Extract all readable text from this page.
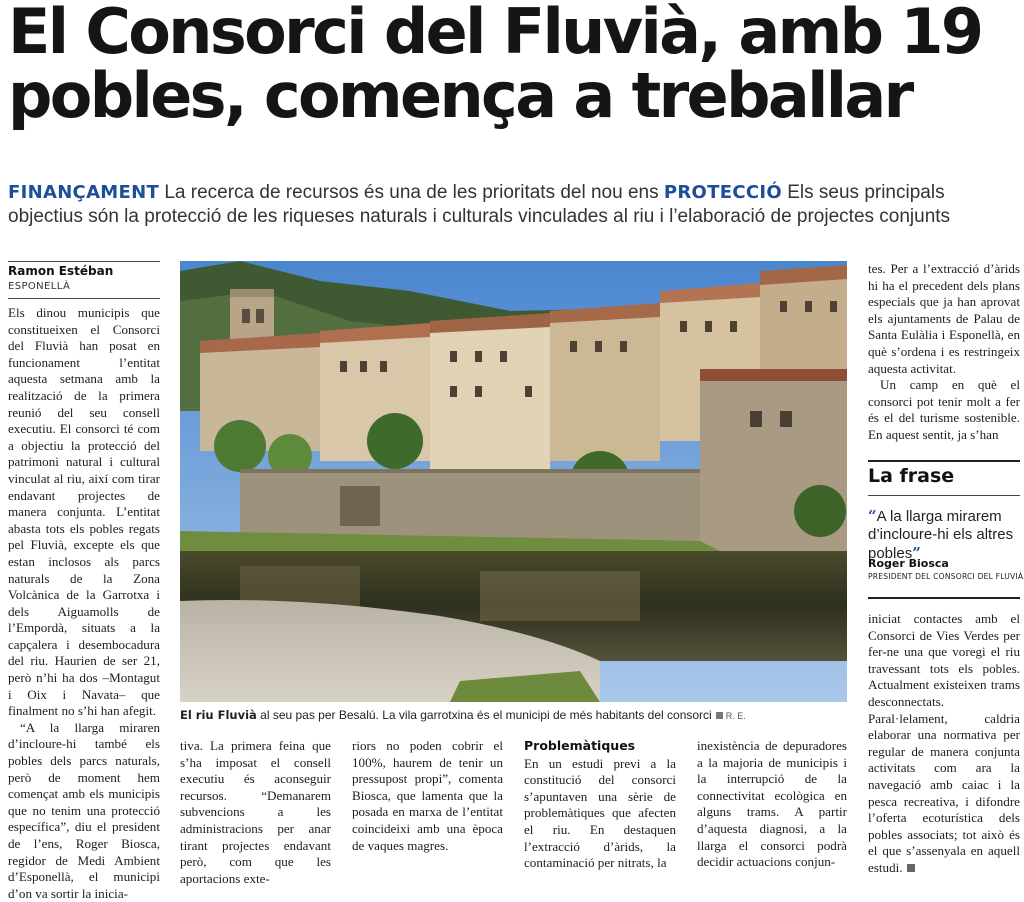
El Consorci del Fluvià, amb 19
pobles, comença a treballar
FINANÇAMENT La recerca de recursos és una de les prioritats del nou ens PROTECCIÓ Els seus principals objectius són la protecció de les riqueses naturals i culturals vinculades al riu i l’elaboració de projectes conjunts
Ramon Estéban
ESPONELLÀ

Els dinou municipis que constitueixen el Consorci del Fluvià han posat en funcionament l’entitat aquesta setmana amb la realització de la primera reunió del seu consell executiu. El consorci té com a objectiu la protecció del patrimoni natural i cultural vinculat al riu, així com tirar endavant projectes de manera conjunta. L’entitat abasta tots els pobles regats pel Fluvià, excepte els que estan inclosos als parcs naturals de la Zona Volcànica de la Garrotxa i dels Aiguamolls de l’Empordà, situats a la capçalera i desembocadura del riu. Haurien de ser 21, però n’hi ha dos –Montagut i Oix i Navata– que finalment no s’hi han afegit.

“A la llarga miraren d’incloure-hi també els pobles dels parcs naturals, però de moment hem començat amb els municipis que no tenim una protecció específica”, diu el president de l’ens, Roger Biosca, regidor de Medi Ambient d’Esponellà, el municipi d’on va sortir la inicia-

El riu Fluvià al seu pas per Besalú. La vila garrotxina és el municipi de més habitants del consorci R. E.

tiva. La primera feina que s’ha imposat el consell executiu és aconseguir recursos. “Demanarem subvencions a les administracions per anar tirant projectes endavant però, com que les aportacions exte-

riors no poden cobrir el 100%, haurem de tenir un pressupost propi”, comenta Biosca, que lamenta que la posada en marxa de l’entitat coincideixi amb una època de vaques magres.

Problemàtiques

En un estudi previ a la constitució del consorci s’apuntaven una sèrie de problemàtiques que afecten el riu. En destaquen l’extracció d’àrids, la contaminació per nitrats, la

inexistència de depuradores a la majoria de municipis i la interrupció de la connectivitat ecològica en alguns trams. A partir d’aquesta diagnosi, a la llarga el consorci podrà decidir actuacions conjun-

tes. Per a l’extracció d’àrids hi ha el precedent dels plans especials que ja han aprovat els ajuntaments de Palau de Santa Eulàlia i Esponellà, en què s’ordena i es restringeix aquesta activitat.

Un camp en què el consorci pot tenir molt a fer és el del turisme sostenible. En aquest sentit, ja s’han

La frase
“A la llarga mirarem d’incloure-hi els altres pobles”
Roger Biosca
PRESIDENT DEL CONSORCI DEL FLUVIÀ

iniciat contactes amb el Consorci de Vies Verdes per fer-ne una que voregi el riu travessant tots els pobles. Actualment existeixen trams desconnectats. Paral·lelament, caldria elaborar una normativa per regular de manera conjunta activitats com ara la navegació amb caiac i la pesca recreativa, i difondre l’oferta ecoturística dels pobles associats; tot això és el que s’assenyala en aquell estudi.
